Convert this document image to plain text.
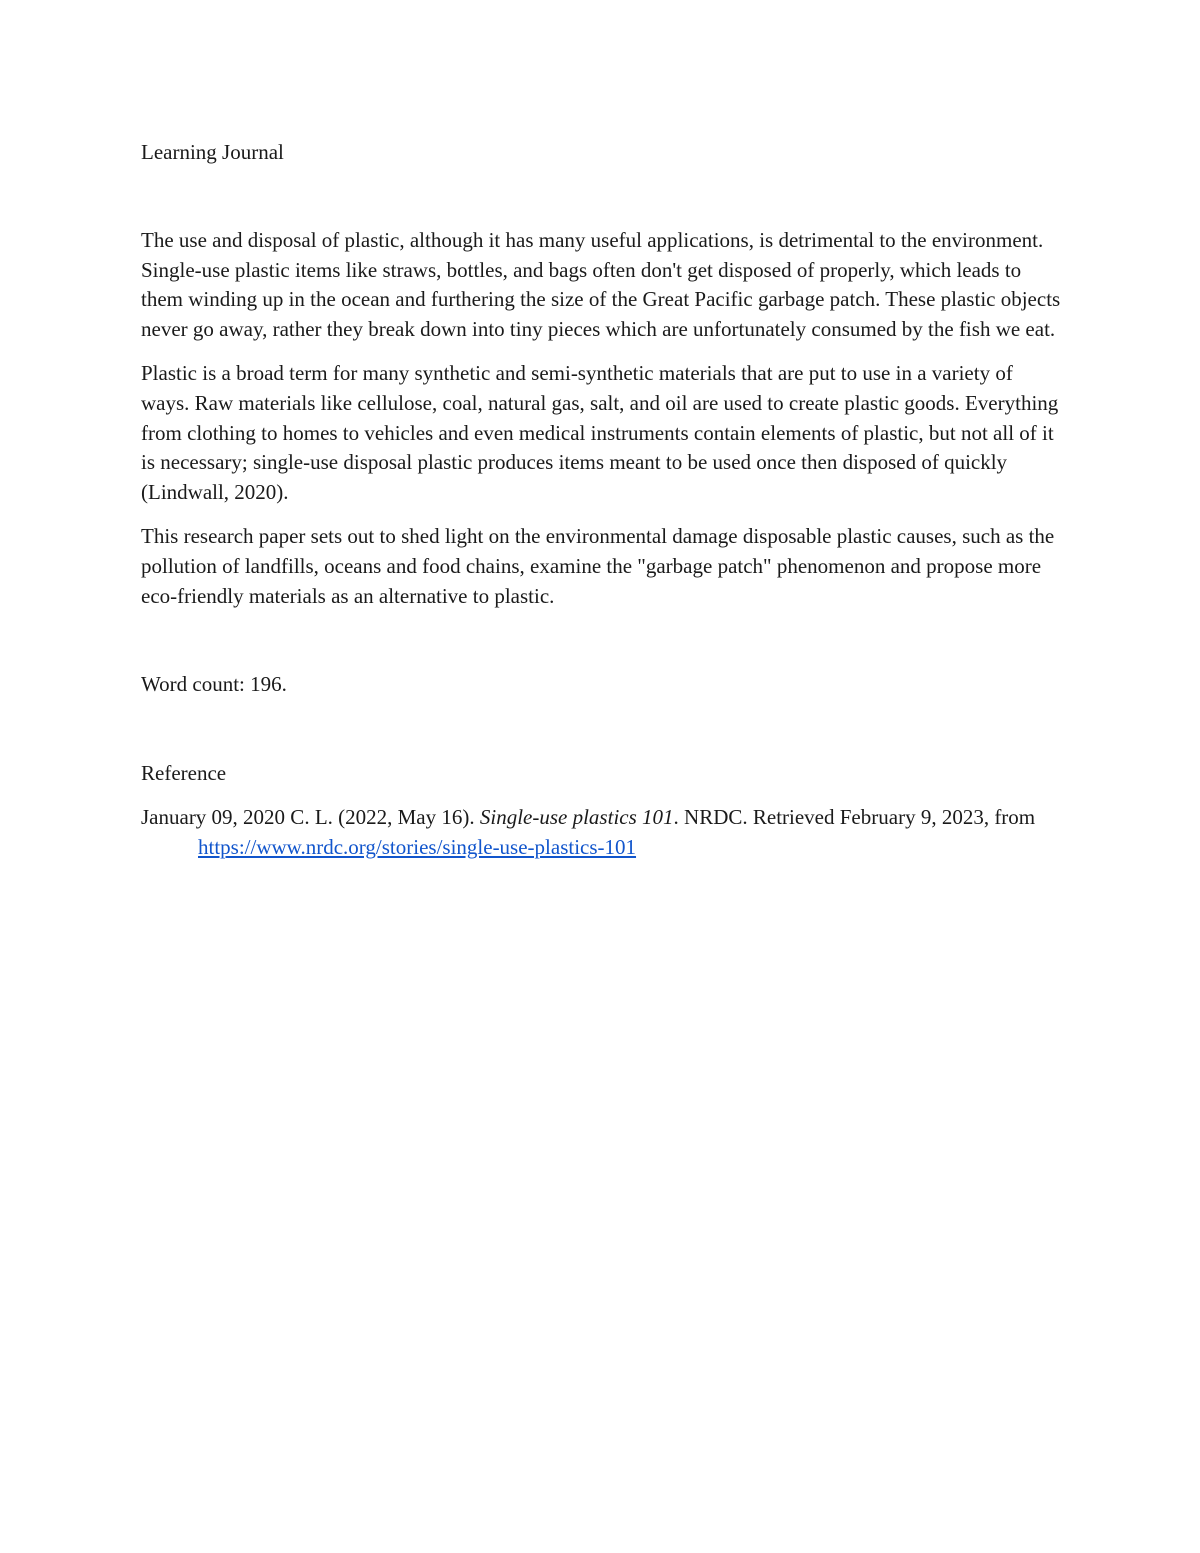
Learning Journal

The use and disposal of plastic, although it has many useful applications, is detrimental to the environment. Single-use plastic items like straws, bottles, and bags often don't get disposed of properly, which leads to them winding up in the ocean and furthering the size of the Great Pacific garbage patch. These plastic objects never go away, rather they break down into tiny pieces which are unfortunately consumed by the fish we eat.

Plastic is a broad term for many synthetic and semi-synthetic materials that are put to use in a variety of ways. Raw materials like cellulose, coal, natural gas, salt, and oil are used to create plastic goods. Everything from clothing to homes to vehicles and even medical instruments contain elements of plastic, but not all of it is necessary; single-use disposal plastic produces items meant to be used once then disposed of quickly (Lindwall, 2020).

This research paper sets out to shed light on the environmental damage disposable plastic causes, such as the pollution of landfills, oceans and food chains, examine the "garbage patch" phenomenon and propose more eco-friendly materials as an alternative to plastic.

Word count: 196.

Reference

January 09, 2020 C. L. (2022, May 16). Single-use plastics 101. NRDC. Retrieved February 9, 2023, from https://www.nrdc.org/stories/single-use-plastics-101
